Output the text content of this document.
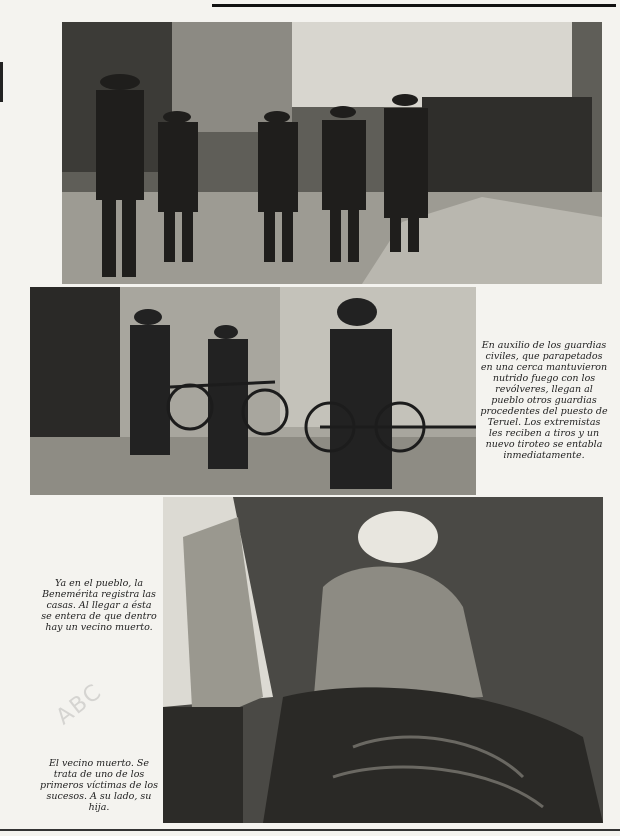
En auxilio de los guardias civiles, que parapetados en una cerca mantuvieron nutrido fuego con los revólveres, llegan al pueblo otros guardias procedentes del puesto de Teruel. Los extremistas les reciben a tiros y un nuevo tiroteo se entabla inmediatamente.
Ya en el pueblo, la Benemérita registra las casas. Al llegar a ésta se entera de que dentro hay un vecino muerto.
El vecino muerto. Se trata de uno de los primeros víctimas de los sucesos. A su lado, su hija.
ABC
